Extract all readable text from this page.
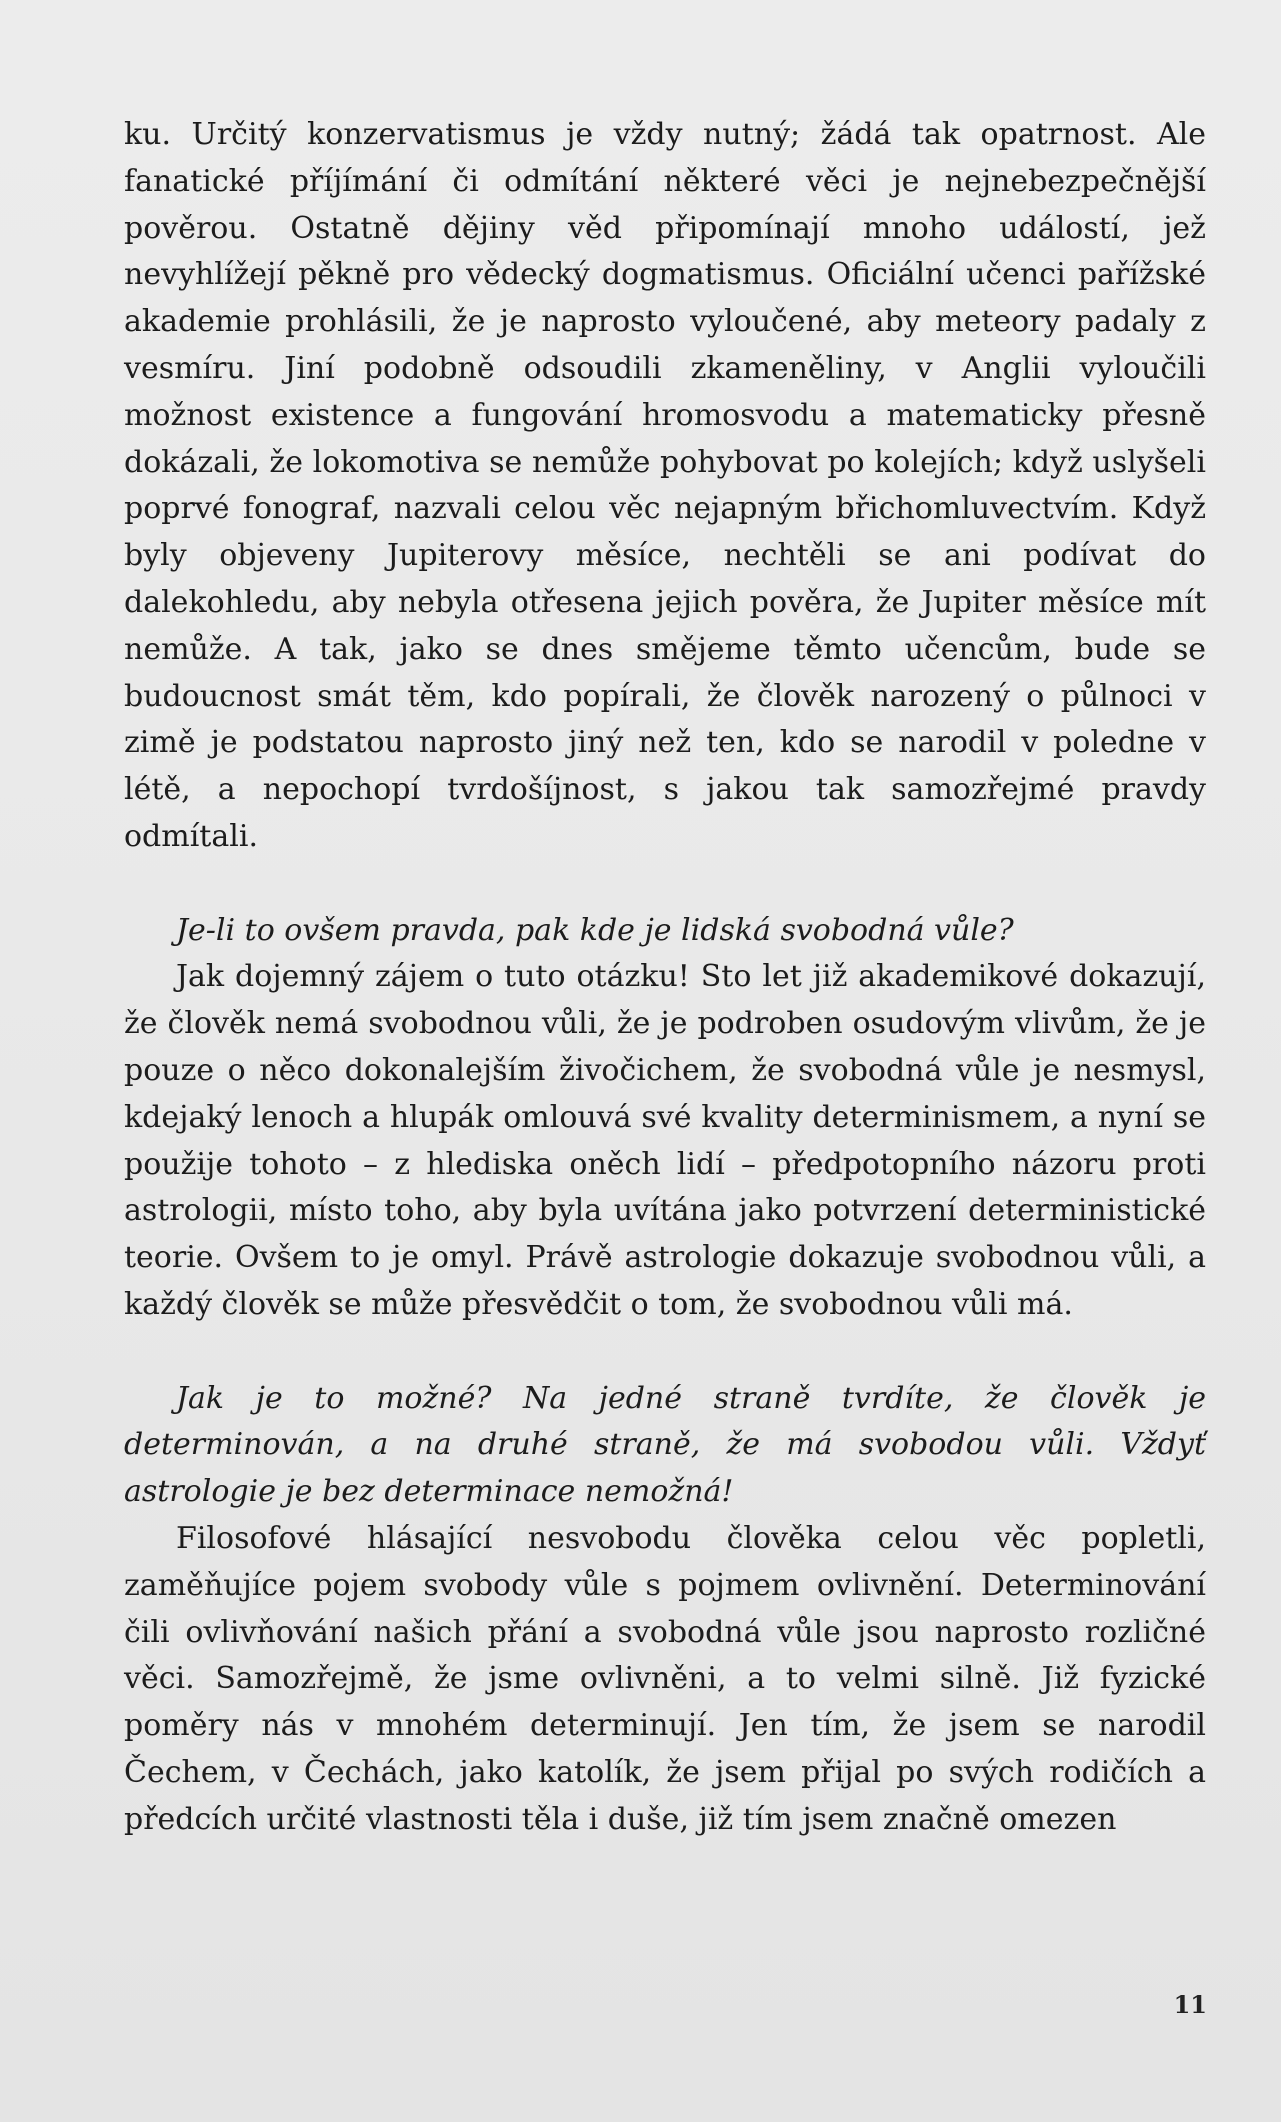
ku. Určitý konzervatismus je vždy nutný; žádá tak opatrnost. Ale fanatické příjímání či odmítání některé věci je nejnebezpečnější pověrou. Ostatně dějiny věd připomínají mnoho událostí, jež nevyhlížejí pěkně pro vědecký dogmatismus. Oficiální učenci pařížské akademie prohlásili, že je naprosto vyloučené, aby meteory padaly z vesmíru. Jiní podobně odsoudili zkameněliny, v Anglii vyloučili možnost existence a fungování hromosvodu a matematicky přesně dokázali, že lokomotiva se nemůže pohybovat po kolejích; když uslyšeli poprvé fonograf, nazvali celou věc nejapným břichomluvectvím. Když byly objeveny Jupiterovy měsíce, nechtěli se ani podívat do dalekohledu, aby nebyla otřesena jejich pověra, že Jupiter měsíce mít nemůže. A tak, jako se dnes smějeme těmto učencům, bude se budoucnost smát těm, kdo popírali, že člověk narozený o půlnoci v zimě je podstatou naprosto jiný než ten, kdo se narodil v poledne v létě, a nepochopí tvrdošíjnost, s jakou tak samozřejmé pravdy odmítali.

Je-li to ovšem pravda, pak kde je lidská svobodná vůle?

Jak dojemný zájem o tuto otázku! Sto let již akademikové dokazují, že člověk nemá svobodnou vůli, že je podroben osudovým vlivům, že je pouze o něco dokonalejším živočichem, že svobodná vůle je nesmysl, kdejaký lenoch a hlupák omlouvá své kvality determinismem, a nyní se použije tohoto – z hlediska oněch lidí – předpotopního názoru proti astrologii, místo toho, aby byla uvítána jako potvrzení deterministické teorie. Ovšem to je omyl. Právě astrologie dokazuje svobodnou vůli, a každý člověk se může přesvědčit o tom, že svobodnou vůli má.

Jak je to možné? Na jedné straně tvrdíte, že člověk je determinován, a na druhé straně, že má svobodou vůli. Vždyť astrologie je bez determinace nemožná!

Filosofové hlásající nesvobodu člověka celou věc popletli, zaměňujíce pojem svobody vůle s pojmem ovlivnění. Determinování čili ovlivňování našich přání a svobodná vůle jsou naprosto rozličné věci. Samozřejmě, že jsme ovlivněni, a to velmi silně. Již fyzické poměry nás v mnohém determinují. Jen tím, že jsem se narodil Čechem, v Čechách, jako katolík, že jsem přijal po svých rodičích a předcích určité vlastnosti těla i duše, již tím jsem značně omezen

11
